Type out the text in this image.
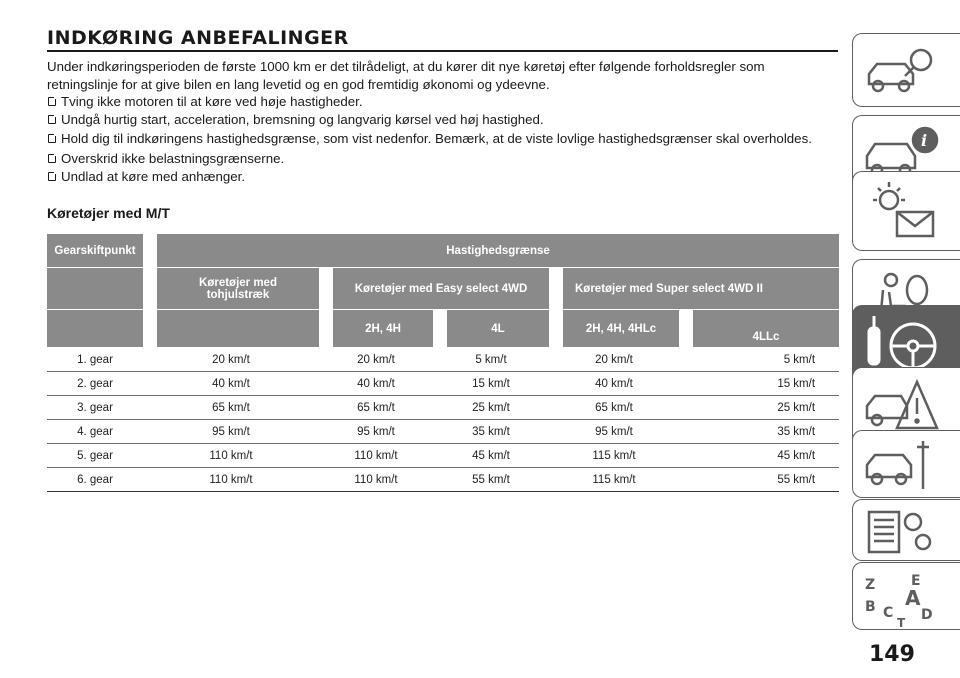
INDKØRING ANBEFALINGER

Under indkøringsperioden de første 1000 km er det tilrådeligt, at du kører dit nye køretøj efter følgende forholdsregler som retningslinje for at give bilen en lang levetid og en god fremtidig økonomi og ydeevne.

Tving ikke motoren til at køre ved høje hastigheder.
Undgå hurtig start, acceleration, bremsning og langvarig kørsel ved høj hastighed.
Hold dig til indkøringens hastighedsgrænse, som vist nedenfor. Bemærk, at de viste lovlige hastighedsgrænser skal overholdes.
Overskrid ikke belastningsgrænserne.
Undlad at køre med anhænger.
Køretøjer med M/T
Gearskiftpunkt	Hastighedsgrænse				
	Køretøjer med tohjulstræk	Køretøjer med Easy select 4WD		Køretøjer med Super select 4WD II	
		2H, 4H	4L	2H, 4H, 4HLc	4LLc
1. gear	20 km/t	20 km/t	5 km/t	20 km/t	5 km/t
2. gear	40 km/t	40 km/t	15 km/t	40 km/t	15 km/t
3. gear	65 km/t	65 km/t	25 km/t	65 km/t	25 km/t
4. gear	95 km/t	95 km/t	35 km/t	95 km/t	35 km/t
5. gear	110 km/t	110 km/t	45 km/t	115 km/t	45 km/t
6. gear	110 km/t	110 km/t	55 km/t	115 km/t	55 km/t
i
Z	E
B A
C D
T
149
